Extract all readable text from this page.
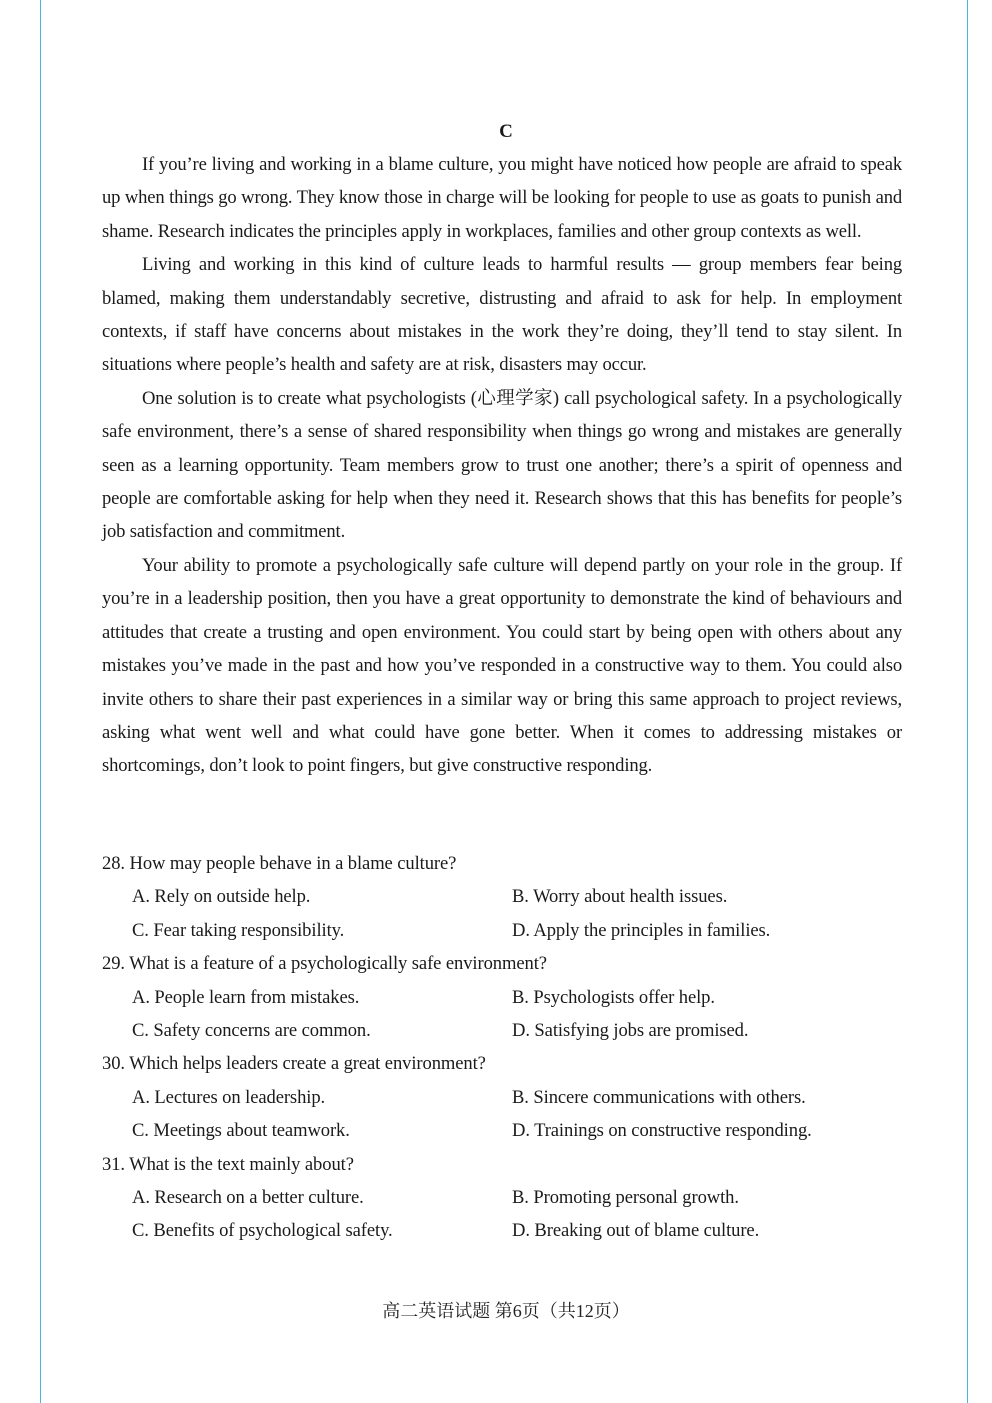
C

If you’re living and working in a blame culture, you might have noticed how people are afraid to speak up when things go wrong. They know those in charge will be looking for people to use as goats to punish and shame. Research indicates the principles apply in workplaces, families and other group contexts as well.

Living and working in this kind of culture leads to harmful results — group members fear being blamed, making them understandably secretive, distrusting and afraid to ask for help. In employment contexts, if staff have concerns about mistakes in the work they’re doing, they’ll tend to stay silent. In situations where people’s health and safety are at risk, disasters may occur.

One solution is to create what psychologists (心理学家) call psychological safety. In a psychologically safe environment, there’s a sense of shared responsibility when things go wrong and mistakes are generally seen as a learning opportunity. Team members grow to trust one another; there’s a spirit of openness and people are comfortable asking for help when they need it. Research shows that this has benefits for people’s job satisfaction and commitment.

Your ability to promote a psychologically safe culture will depend partly on your role in the group. If you’re in a leadership position, then you have a great opportunity to demonstrate the kind of behaviours and attitudes that create a trusting and open environment. You could start by being open with others about any mistakes you’ve made in the past and how you’ve responded in a constructive way to them. You could also invite others to share their past experiences in a similar way or bring this same approach to project reviews, asking what went well and what could have gone better. When it comes to addressing mistakes or shortcomings, don’t look to point fingers, but give constructive responding.

28. How may people behave in a blame culture?

A. Rely on outside help.	B. Worry about health issues.

C. Fear taking responsibility.	D. Apply the principles in families.

29. What is a feature of a psychologically safe environment?

A. People learn from mistakes.	B. Psychologists offer help.

C. Safety concerns are common.	D. Satisfying jobs are promised.

30. Which helps leaders create a great environment?

A. Lectures on leadership.	B. Sincere communications with others.

C. Meetings about teamwork.	D. Trainings on constructive responding.

31. What is the text mainly about?

A. Research on a better culture.	B. Promoting personal growth.

C. Benefits of psychological safety.	D. Breaking out of blame culture.

高二英语试题 第6页（共12页）
